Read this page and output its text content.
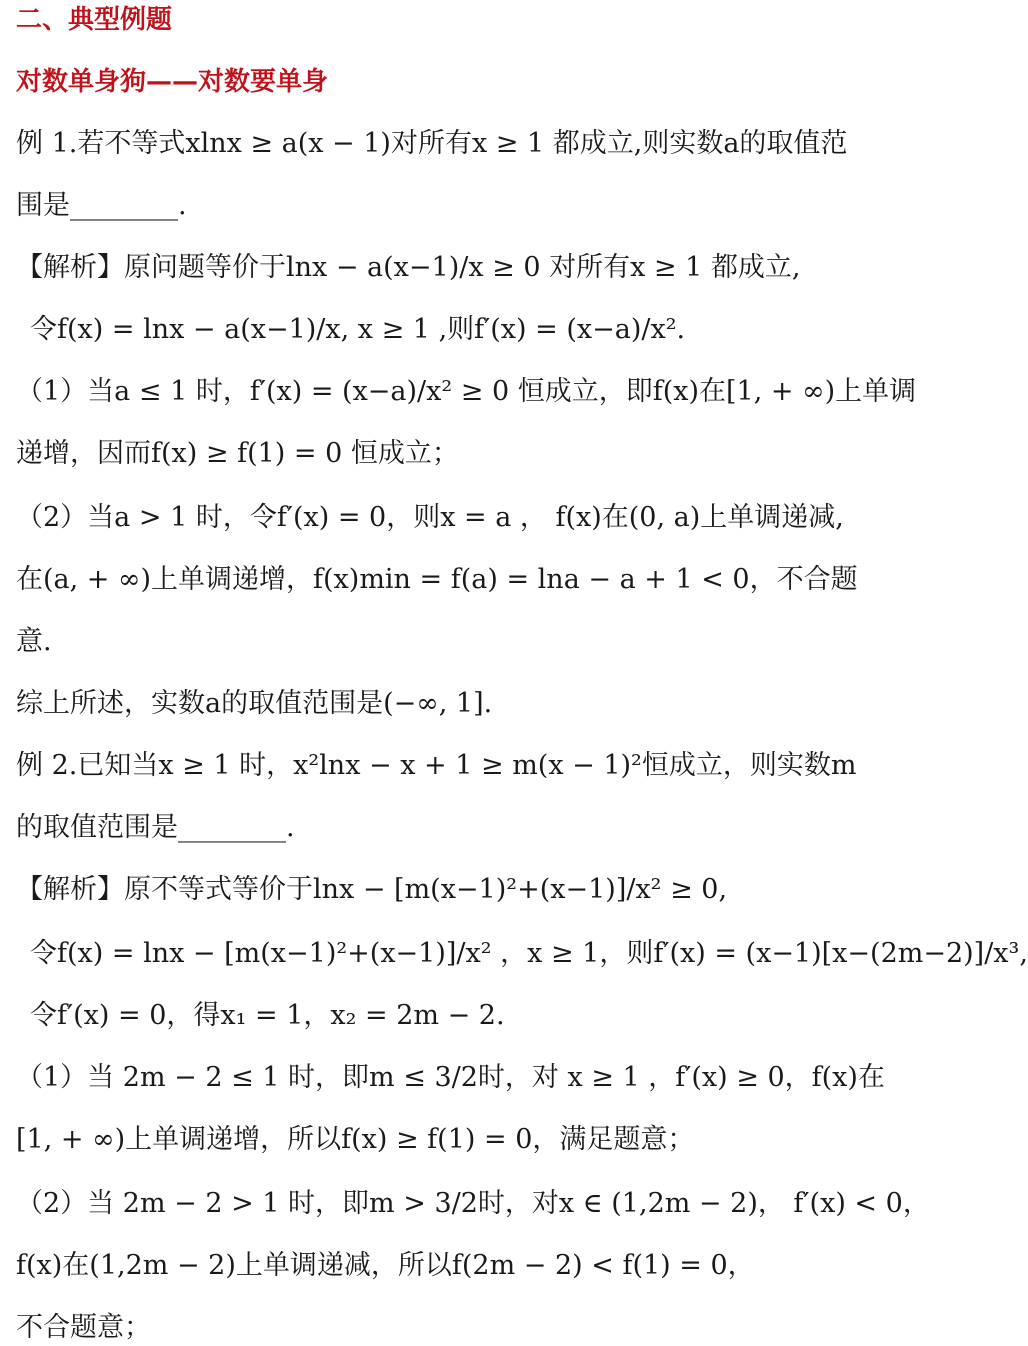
二、典型例题
对数单身狗——对数要单身
例 1.若不等式xlnx ≥ a(x − 1)对所有x ≥ 1 都成立,则实数a的取值范
围是________.
【解析】原问题等价于lnx − a(x−1)/x ≥ 0 对所有x ≥ 1 都成立,
令f(x) = lnx − a(x−1)/x, x ≥ 1 ,则f′(x) = (x−a)/x².
（1）当a ≤ 1 时，f′(x) = (x−a)/x² ≥ 0 恒成立，即f(x)在[1, + ∞)上单调
递增，因而f(x) ≥ f(1) = 0 恒成立；
（2）当a > 1 时，令f′(x) = 0，则x = a ， f(x)在(0, a)上单调递减,
在(a, + ∞)上单调递增，f(x)min = f(a) = lna − a + 1 < 0，不合题
意.
综上所述，实数a的取值范围是(−∞, 1].
例 2.已知当x ≥ 1 时，x²lnx − x + 1 ≥ m(x − 1)²恒成立，则实数m
的取值范围是________.
【解析】原不等式等价于lnx − [m(x−1)²+(x−1)]/x² ≥ 0,
令f(x) = lnx − [m(x−1)²+(x−1)]/x² ，x ≥ 1，则f′(x) = (x−1)[x−(2m−2)]/x³,
令f′(x) = 0，得x₁ = 1，x₂ = 2m − 2.
（1）当 2m − 2 ≤ 1 时，即m ≤ 3/2时，对 x ≥ 1 ，f′(x) ≥ 0，f(x)在
[1, + ∞)上单调递增，所以f(x) ≥ f(1) = 0，满足题意；
（2）当 2m − 2 > 1 时，即m > 3/2时，对x ∈ (1,2m − 2)， f′(x) < 0，
f(x)在(1,2m − 2)上单调递减，所以f(2m − 2) < f(1) = 0，
不合题意；
